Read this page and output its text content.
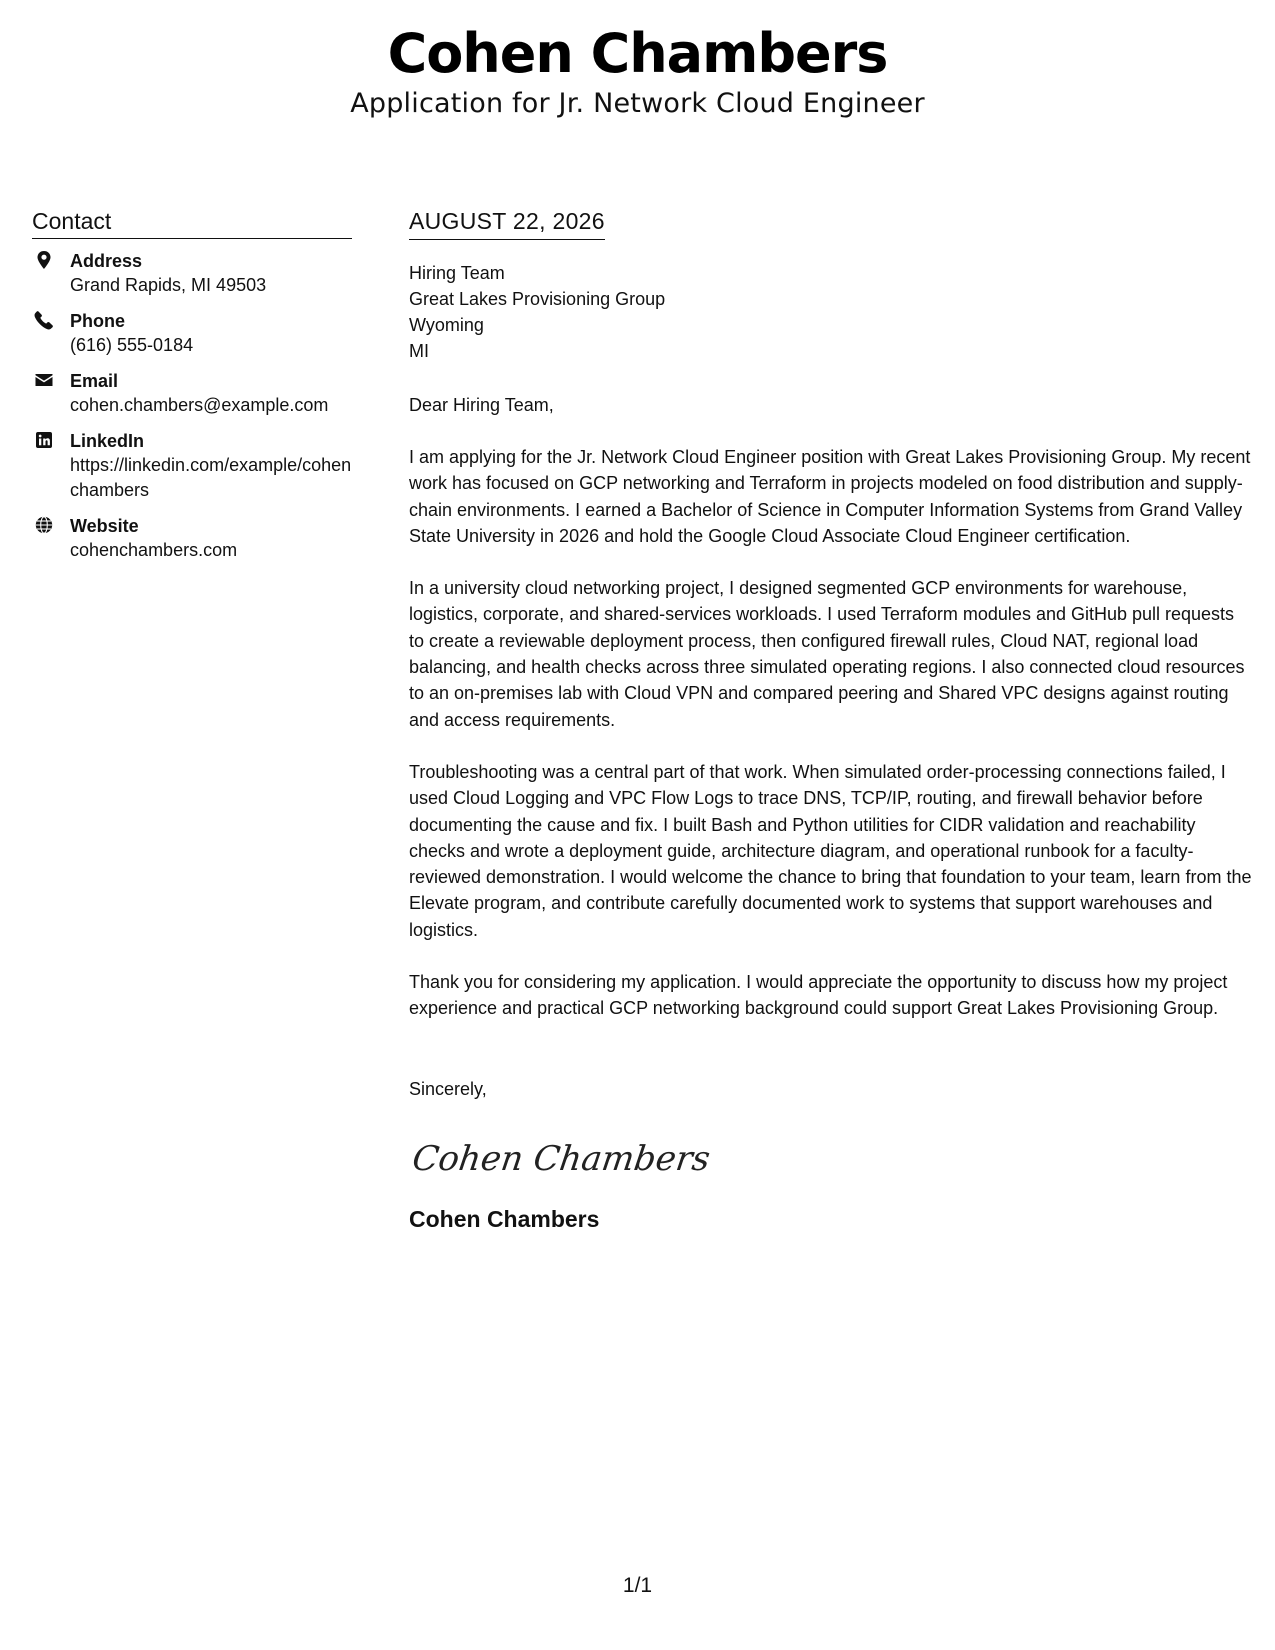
Cohen Chambers
Application for Jr. Network Cloud Engineer
Contact
Address
Grand Rapids, MI 49503
Phone
(616) 555-0184
Email
cohen.chambers@example.com
LinkedIn
https://linkedin.com/example/cohenchambers
Website
cohenchambers.com
AUGUST 22, 2026
Hiring Team
Great Lakes Provisioning Group
Wyoming
MI
Dear Hiring Team,

I am applying for the Jr. Network Cloud Engineer position with Great Lakes Provisioning Group. My recent work has focused on GCP networking and Terraform in projects modeled on food distribution and supply-chain environments. I earned a Bachelor of Science in Computer Information Systems from Grand Valley State University in 2026 and hold the Google Cloud Associate Cloud Engineer certification.

In a university cloud networking project, I designed segmented GCP environments for warehouse, logistics, corporate, and shared-services workloads. I used Terraform modules and GitHub pull requests to create a reviewable deployment process, then configured firewall rules, Cloud NAT, regional load balancing, and health checks across three simulated operating regions. I also connected cloud resources to an on-premises lab with Cloud VPN and compared peering and Shared VPC designs against routing and access requirements.

Troubleshooting was a central part of that work. When simulated order-processing connections failed, I used Cloud Logging and VPC Flow Logs to trace DNS, TCP/IP, routing, and firewall behavior before documenting the cause and fix. I built Bash and Python utilities for CIDR validation and reachability checks and wrote a deployment guide, architecture diagram, and operational runbook for a faculty-reviewed demonstration. I would welcome the chance to bring that foundation to your team, learn from the Elevate program, and contribute carefully documented work to systems that support warehouses and logistics.

Thank you for considering my application. I would appreciate the opportunity to discuss how my project experience and practical GCP networking background could support Great Lakes Provisioning Group.

Sincerely,
Cohen Chambers
Cohen Chambers
1/1
